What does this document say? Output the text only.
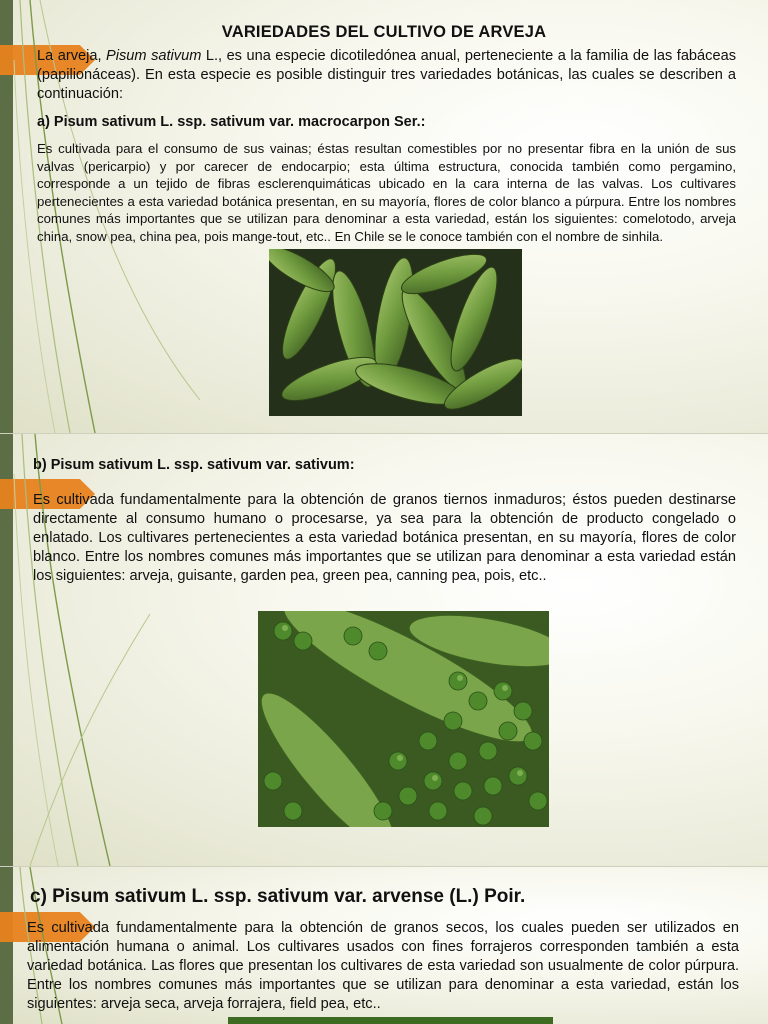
VARIEDADES DEL CULTIVO DE ARVEJA
La arveja, Pisum sativum L., es una especie dicotiledónea anual, perteneciente a la familia de las fabáceas (papilionáceas). En esta especie es posible distinguir tres variedades botánicas, las cuales se describen a continuación:
a) Pisum sativum L. ssp. sativum var. macrocarpon Ser.:
Es cultivada para el consumo de sus vainas; éstas resultan comestibles por no presentar fibra en la unión de sus valvas (pericarpio) y por carecer de endocarpio; esta última estructura, conocida también como pergamino, corresponde a un tejido de fibras esclerenquimáticas ubicado en la cara interna de las valvas. Los cultivares pertenecientes a esta variedad botánica presentan, en su mayoría, flores de color blanco a púrpura. Entre los nombres comunes más importantes que se utilizan para denominar a esta variedad, están los siguientes: comelotodo, arveja china, snow pea, china pea, pois mange-tout, etc.. En Chile se le conoce también con el nombre de sinhila.
b) Pisum sativum L. ssp. sativum var. sativum:
Es cultivada fundamentalmente para la obtención de granos tiernos inmaduros; éstos pueden destinarse directamente al consumo humano o procesarse, ya sea para la obtención de producto congelado o enlatado. Los cultivares pertenecientes a esta variedad botánica presentan, en su mayoría, flores de color blanco. Entre los nombres comunes más importantes que se utilizan para denominar a esta variedad están los siguientes: arveja, guisante, garden pea, green pea, canning pea, pois, etc..
c) Pisum sativum L. ssp. sativum var. arvense (L.) Poir.
Es cultivada fundamentalmente para la obtención de granos secos, los cuales pueden ser utilizados en alimentación humana o animal. Los cultivares usados con fines forrajeros corresponden también a esta variedad botánica. Las flores que presentan los cultivares de esta variedad son usualmente de color púrpura. Entre los nombres comunes más importantes que se utilizan para denominar a esta variedad, están los siguientes: arveja seca, arveja forrajera, field pea, etc..
